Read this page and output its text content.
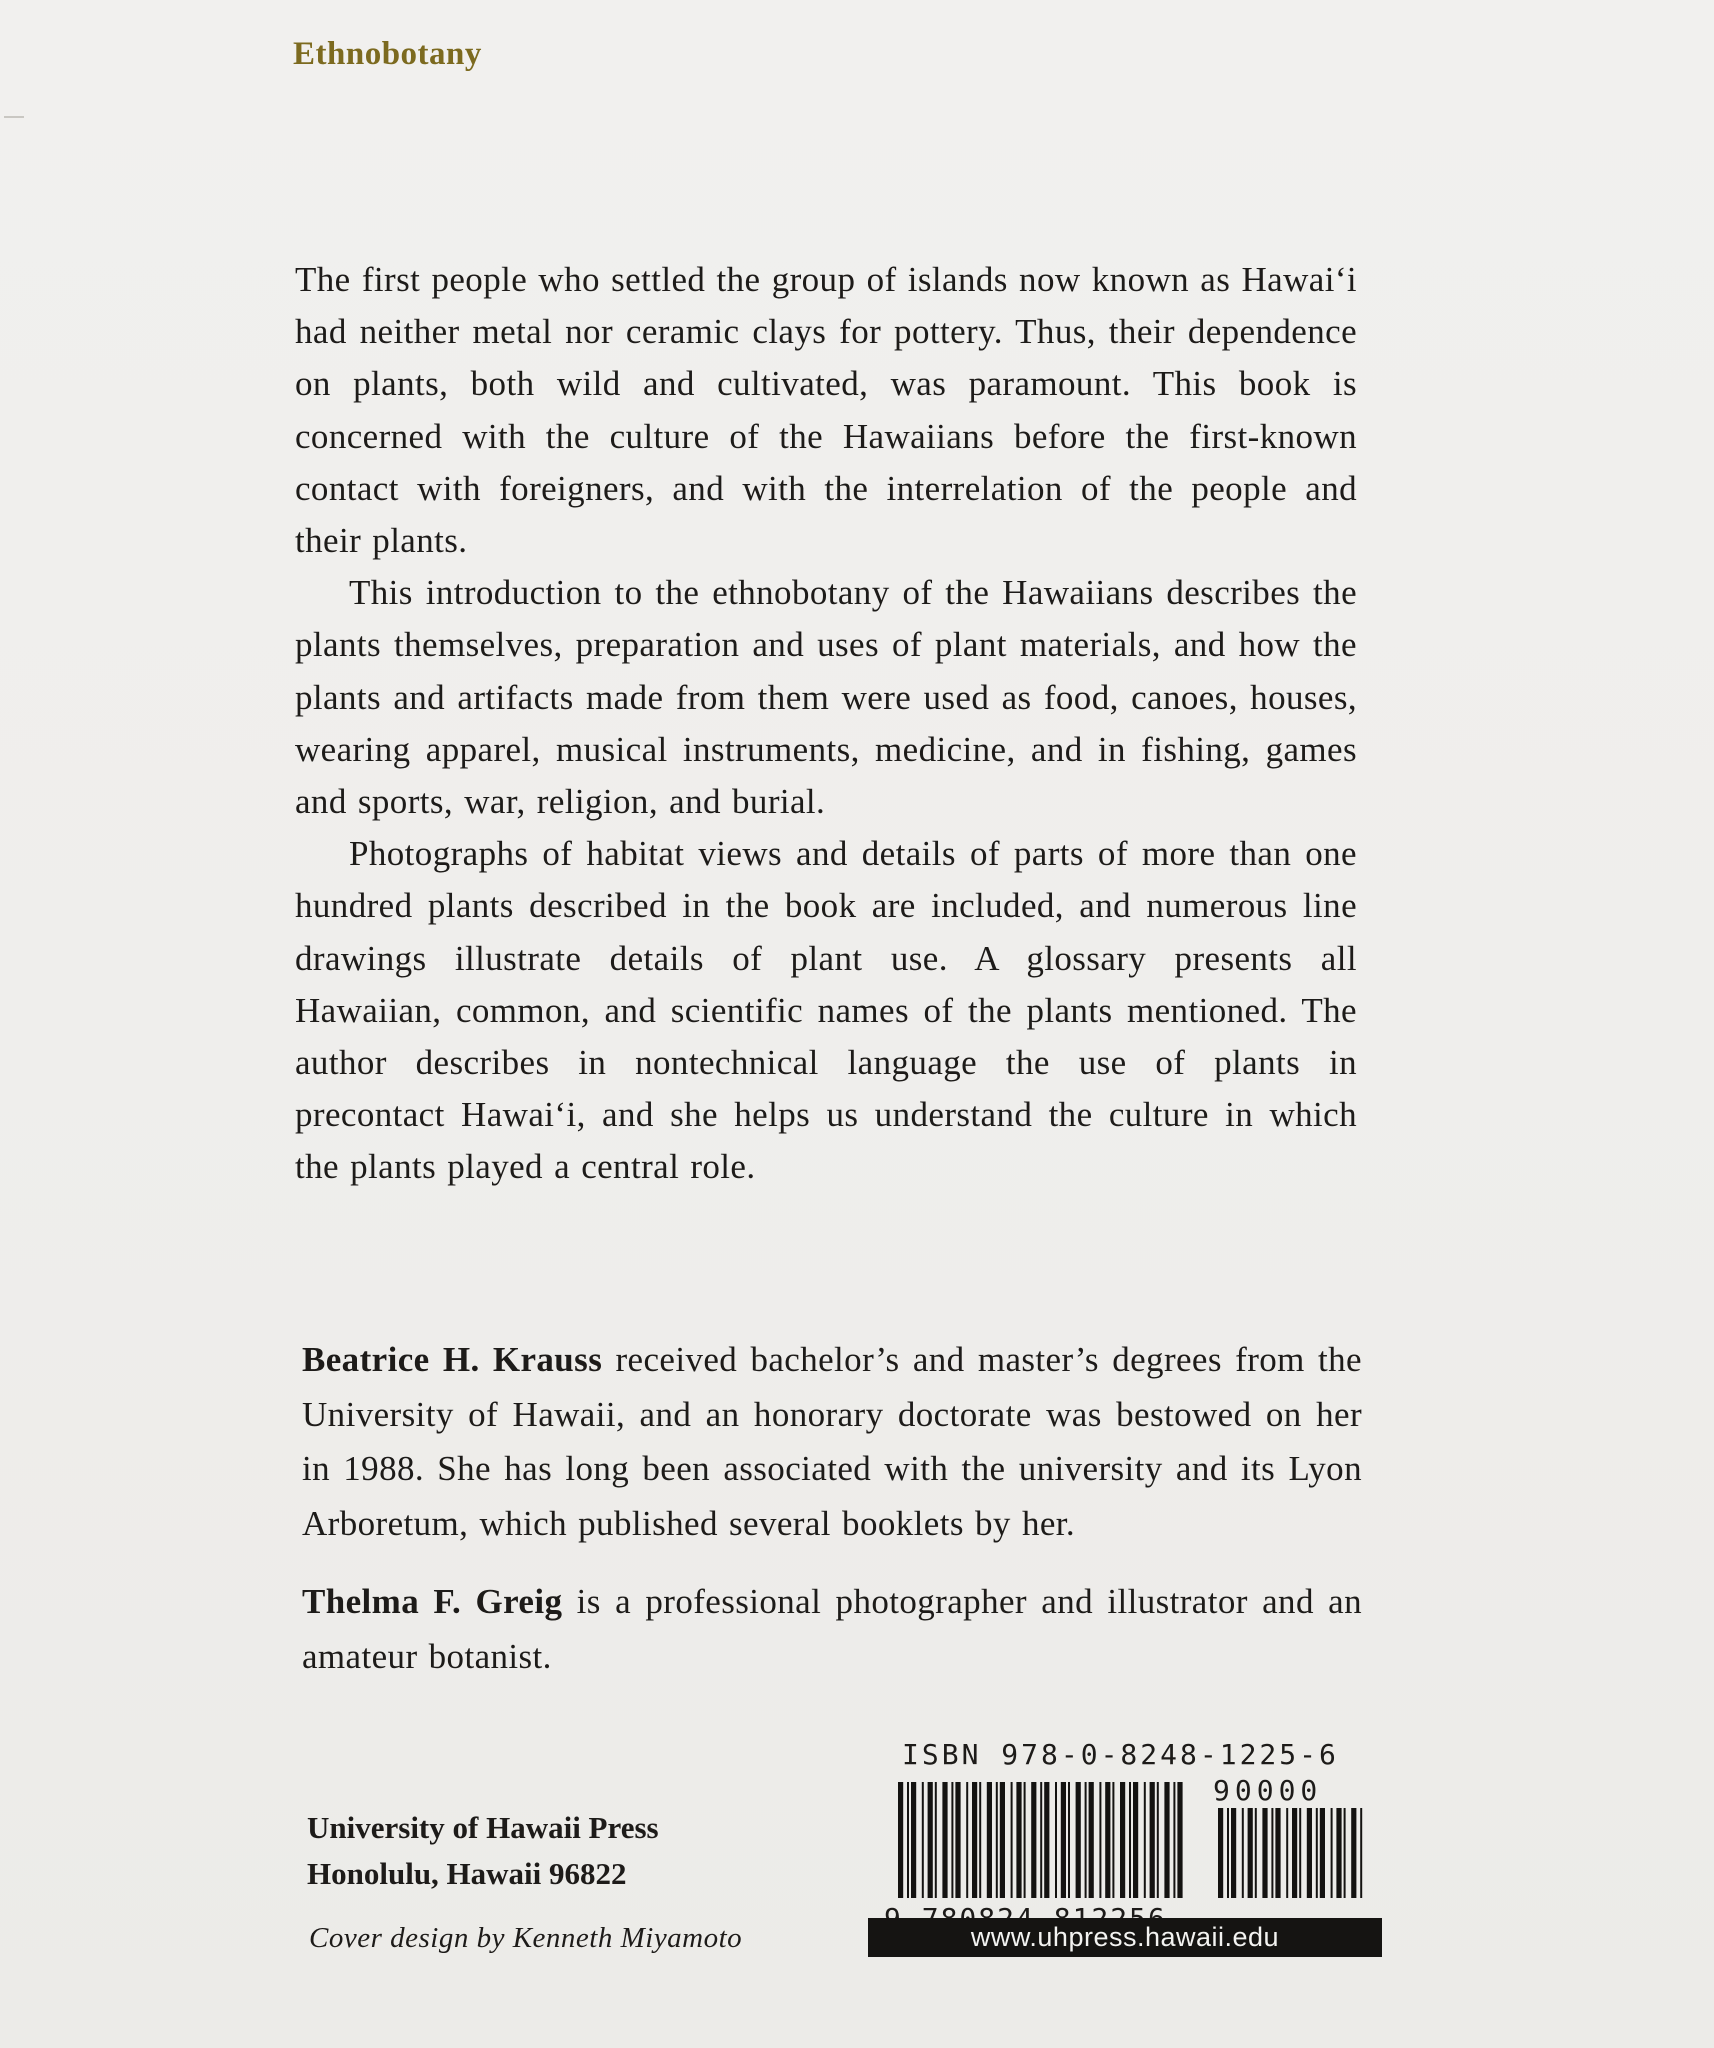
Ethnobotany

The first people who settled the group of islands now known as Hawaiʻi had neither metal nor ceramic clays for pottery. Thus, their dependence on plants, both wild and cultivated, was paramount. This book is concerned with the culture of the Hawaiians before the first-known contact with foreigners, and with the interrelation of the people and their plants.

This introduction to the ethnobotany of the Hawaiians describes the plants themselves, preparation and uses of plant materials, and how the plants and artifacts made from them were used as food, canoes, houses, wearing apparel, musical instruments, medicine, and in fishing, games and sports, war, religion, and burial.

Photographs of habitat views and details of parts of more than one hundred plants described in the book are included, and numerous line drawings illustrate details of plant use. A glossary presents all Hawaiian, common, and scientific names of the plants mentioned. The author describes in nontechnical language the use of plants in precontact Hawaiʻi, and she helps us understand the culture in which the plants played a central role.

Beatrice H. Krauss received bachelor’s and master’s degrees from the University of Hawaii, and an honorary doctorate was bestowed on her in 1988. She has long been associated with the university and its Lyon Arboretum, which published several booklets by her.

Thelma F. Greig is a professional photographer and illustrator and an amateur botanist.

University of Hawaii Press
Honolulu, Hawaii 96822
Cover design by Kenneth Miyamoto
ISBN 978-0-8248-1225-6
90000
www.uhpress.hawaii.edu
